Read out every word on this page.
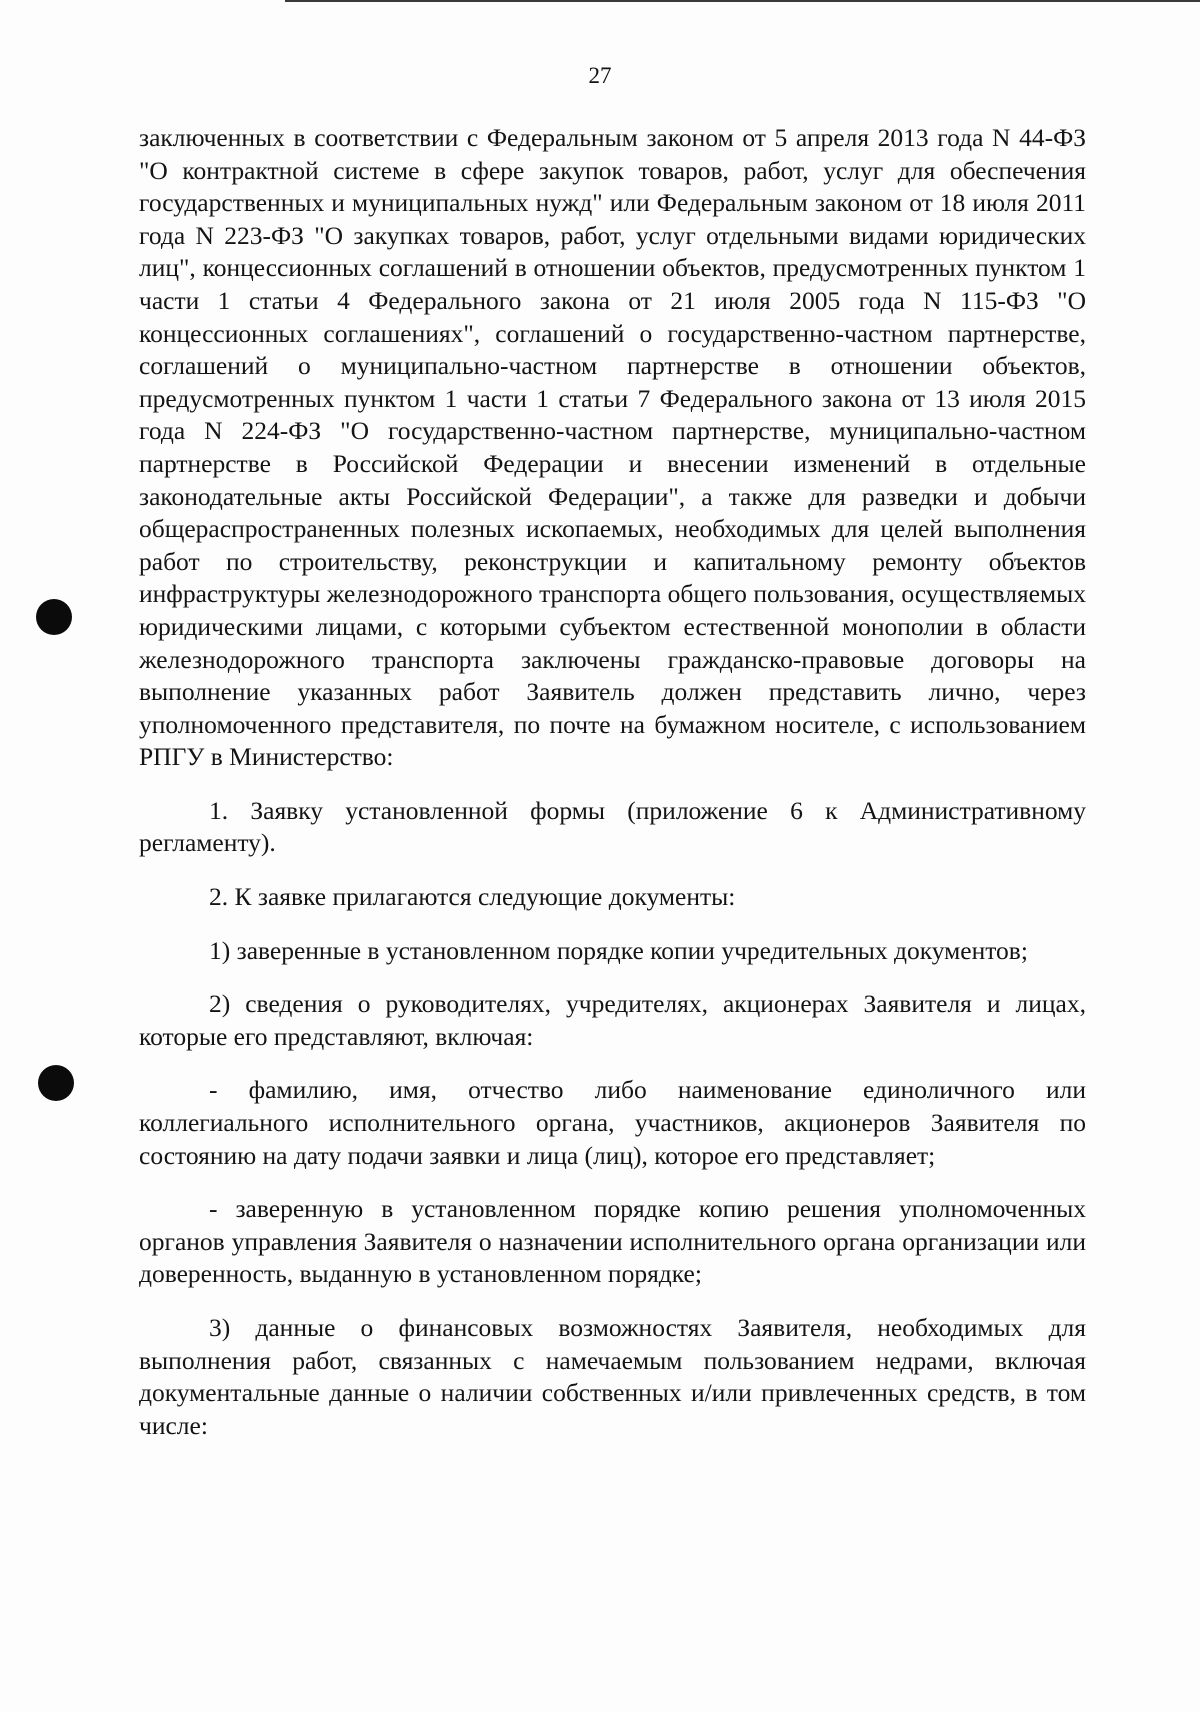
27

заключенных в соответствии с Федеральным законом от 5 апреля 2013 года N 44-ФЗ "О контрактной системе в сфере закупок товаров, работ, услуг для обеспечения государственных и муниципальных нужд" или Федеральным законом от 18 июля 2011 года N 223-ФЗ "О закупках товаров, работ, услуг отдельными видами юридических лиц", концессионных соглашений в отношении объектов, предусмотренных пунктом 1 части 1 статьи 4 Федерального закона от 21 июля 2005 года N 115-ФЗ "О концессионных соглашениях", соглашений о государственно-частном партнерстве, соглашений о муниципально-частном партнерстве в отношении объектов, предусмотренных пунктом 1 части 1 статьи 7 Федерального закона от 13 июля 2015 года N 224-ФЗ "О государственно-частном партнерстве, муниципально-частном партнерстве в Российской Федерации и внесении изменений в отдельные законодательные акты Российской Федерации", а также для разведки и добычи общераспространенных полезных ископаемых, необходимых для целей выполнения работ по строительству, реконструкции и капитальному ремонту объектов инфраструктуры железнодорожного транспорта общего пользования, осуществляемых юридическими лицами, с которыми субъектом естественной монополии в области железнодорожного транспорта заключены гражданско-правовые договоры на выполнение указанных работ Заявитель должен представить лично, через уполномоченного представителя, по почте на бумажном носителе, с использованием РПГУ в Министерство:

1. Заявку установленной формы (приложение 6 к Административному регламенту).

2. К заявке прилагаются следующие документы:

1) заверенные в установленном порядке копии учредительных документов;

2) сведения о руководителях, учредителях, акционерах Заявителя и лицах, которые его представляют, включая:

- фамилию, имя, отчество либо наименование единоличного или коллегиального исполнительного органа, участников, акционеров Заявителя по состоянию на дату подачи заявки и лица (лиц), которое его представляет;

- заверенную в установленном порядке копию решения уполномоченных органов управления Заявителя о назначении исполнительного органа организации или доверенность, выданную в установленном порядке;

3) данные о финансовых возможностях Заявителя, необходимых для выполнения работ, связанных с намечаемым пользованием недрами, включая документальные данные о наличии собственных и/или привлеченных средств, в том числе:
